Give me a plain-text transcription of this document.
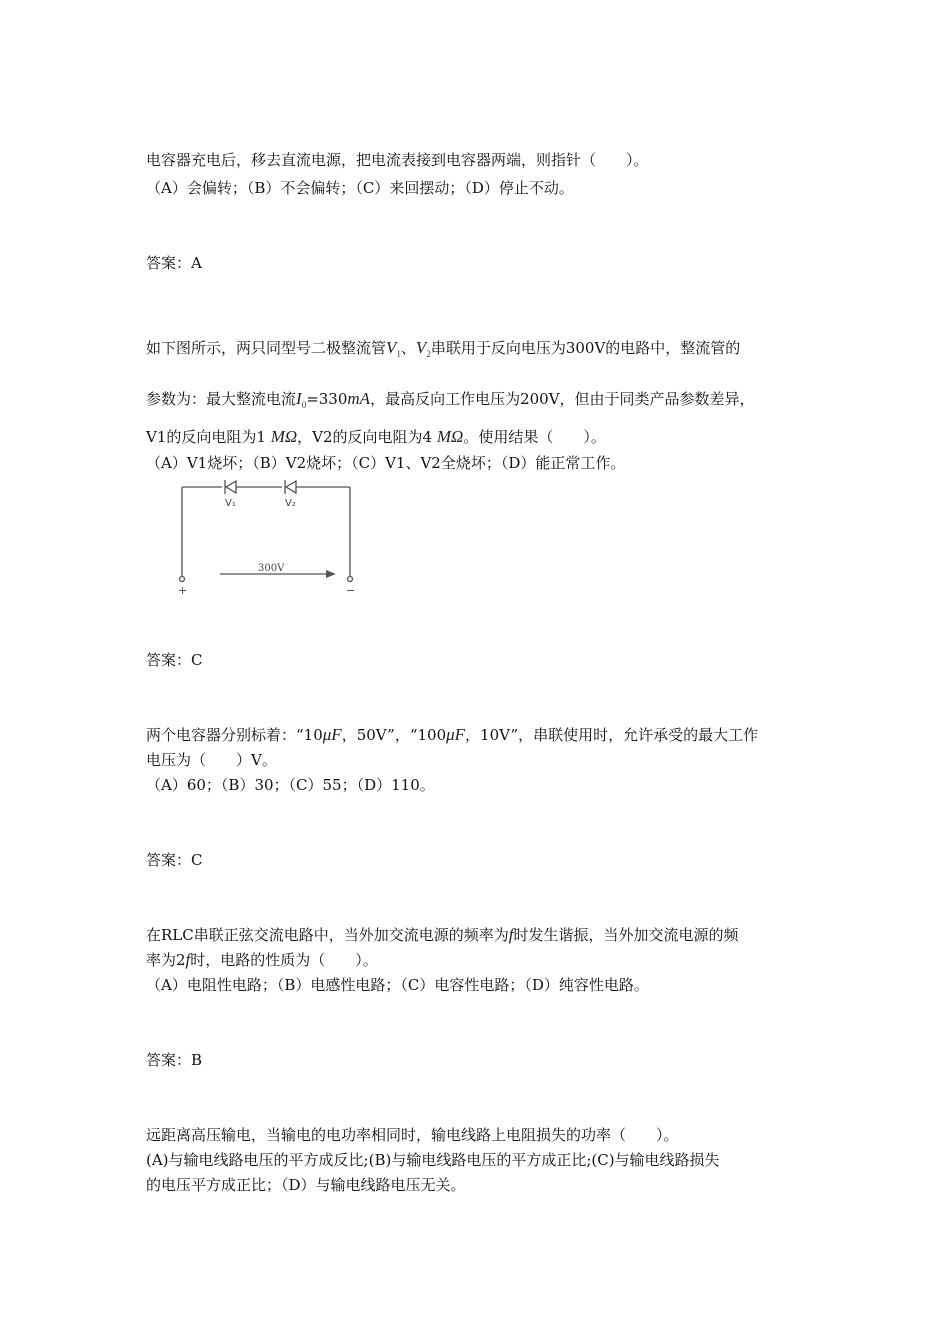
电容器充电后，移去直流电源，把电流表接到电容器两端，则指针（　　）。
（A）会偏转；（B）不会偏转；（C）来回摆动；（D）停止不动。
答案：A
如下图所示，两只同型号二极整流管$V_1$、$V_2$串联用于反向电压为300V的电路中，整流管的
参数为：最大整流电流$I_0=330mA$，最高反向工作电压为200V，但由于同类产品参数差异，
V1的反向电阻为1 MΩ，V2的反向电阻为4 MΩ。使用结果（　　）。
（A）V1烧坏；（B）V2烧坏；（C）V1、V2全烧坏；（D）能正常工作。
V₁	V₂
300V
+	−
答案：C
两个电容器分别标着：“10μF，50V”，“100μF，10V”，串联使用时，允许承受的最大工作
电压为（　　）V。
（A）60；（B）30；（C）55；（D）110。
答案：C
在RLC串联正弦交流电路中，当外加交流电源的频率为f时发生谐振，当外加交流电源的频
率为2f时，电路的性质为（　　）。
（A）电阻性电路；（B）电感性电路；（C）电容性电路；（D）纯容性电路。
答案：B
远距离高压输电，当输电的电功率相同时，输电线路上电阻损失的功率（　　）。
(A)与输电线路电压的平方成反比;(B)与输电线路电压的平方成正比;(C)与输电线路损失
的电压平方成正比；（D）与输电线路电压无关。
